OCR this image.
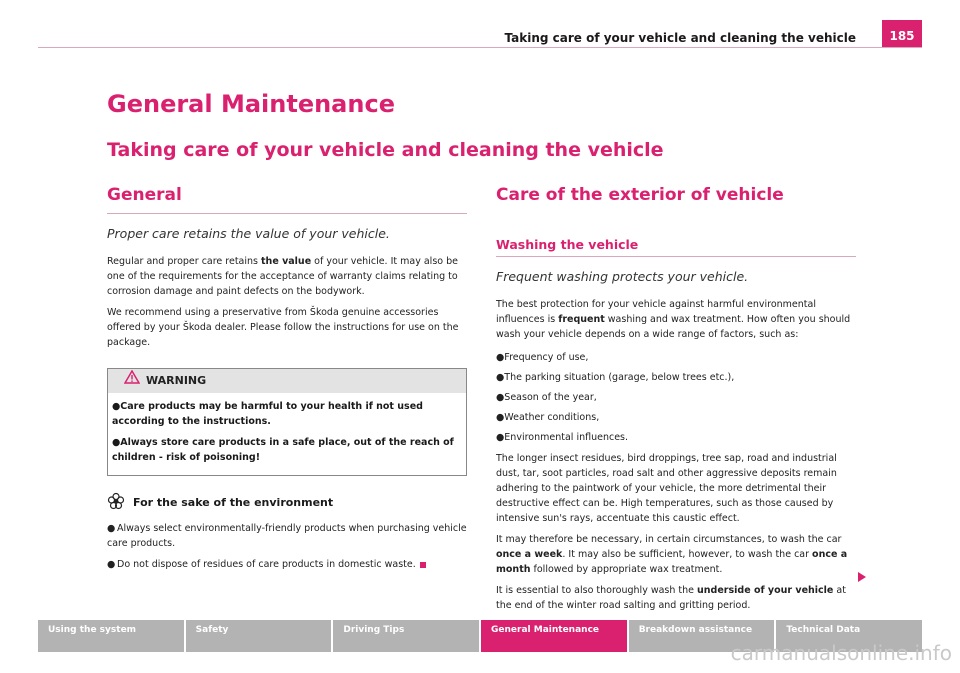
Taking care of your vehicle and cleaning the vehicle	185
General Maintenance
Taking care of your vehicle and cleaning the vehicle
General

Proper care retains the value of your vehicle.

Regular and proper care retains the value of your vehicle. It may also be one of the requirements for the acceptance of warranty claims relating to corrosion damage and paint defects on the bodywork.

We recommend using a preservative from Škoda genuine accessories offered by your Škoda dealer. Please follow the instructions for use on the package.

WARNING

●Care products may be harmful to your health if not used according to the instructions.

●Always store care products in a safe place, out of the reach of children - risk of poisoning!

For the sake of the environment

● Always select environmentally-friendly products when purchasing vehicle care products.

● Do not dispose of residues of care products in domestic waste.

Care of the exterior of vehicle
Washing the vehicle

Frequent washing protects your vehicle.

The best protection for your vehicle against harmful environmental influences is frequent washing and wax treatment. How often you should wash your vehicle depends on a wide range of factors, such as:

●Frequency of use,
●The parking situation (garage, below trees etc.),
●Season of the year,
●Weather conditions,
●Environmental influences.

The longer insect residues, bird droppings, tree sap, road and industrial dust, tar, soot particles, road salt and other aggressive deposits remain adhering to the paintwork of your vehicle, the more detrimental their destructive effect can be. High temperatures, such as those caused by intensive sun's rays, accentuate this caustic effect.

It may therefore be necessary, in certain circumstances, to wash the car once a week. It may also be sufficient, however, to wash the car once a month followed by appropriate wax treatment.

It is essential to also thoroughly wash the underside of your vehicle at the end of the winter road salting and gritting period.

Using the system	Safety	Driving Tips	General Maintenance	Breakdown assistance	Technical Data
carmanualsonline.info
